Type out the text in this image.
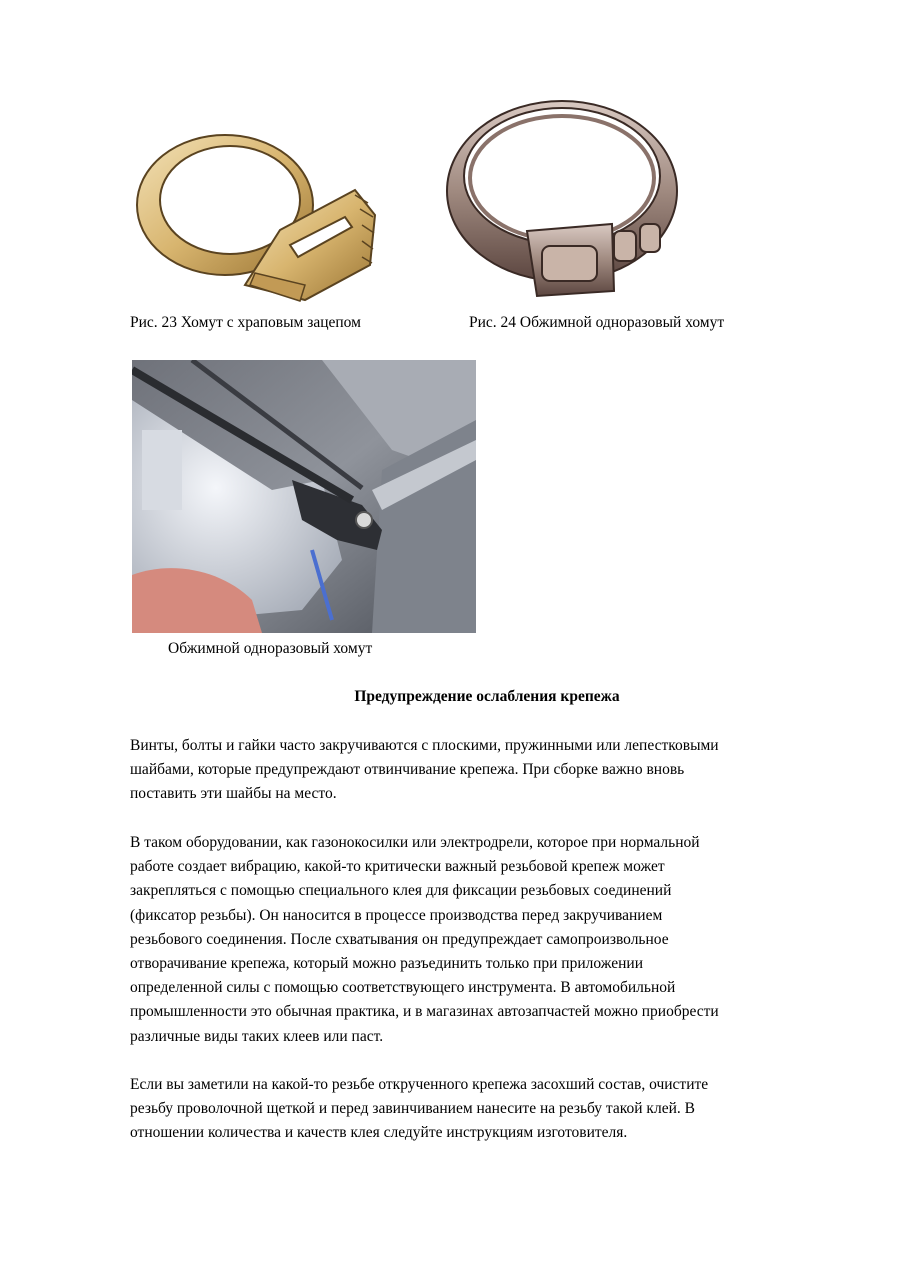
Рис. 23 Хомут с храповым зацепом	Рис. 24 Обжимной одноразовый хомут
Обжимной одноразовый хомут
Предупреждение ослабления крепежа

Винты, болты и гайки часто закручиваются с плоскими, пружинными или лепестковыми
шайбами, которые предупреждают отвинчивание крепежа. При сборке важно вновь
поставить эти шайбы на место.

В таком оборудовании, как газонокосилки или электродрели, которое при нормальной
работе создает вибрацию, какой-то критически важный резьбовой крепеж может
закрепляться с помощью специального клея для фиксации резьбовых соединений
(фиксатор резьбы). Он наносится в процессе производства перед закручиванием
резьбового соединения. После схватывания он предупреждает самопроизвольное
отворачивание крепежа, который можно разъединить только при приложении
определенной силы с помощью соответствующего инструмента. В автомобильной
промышленности это обычная практика, и в магазинах автозапчастей можно приобрести
различные виды таких клеев или паст.

Если вы заметили на какой-то резьбе открученного крепежа засохший состав, очистите
резьбу проволочной щеткой и перед завинчиванием нанесите на резьбу такой клей. В
отношении количества и качеств клея следуйте инструкциям изготовителя.
